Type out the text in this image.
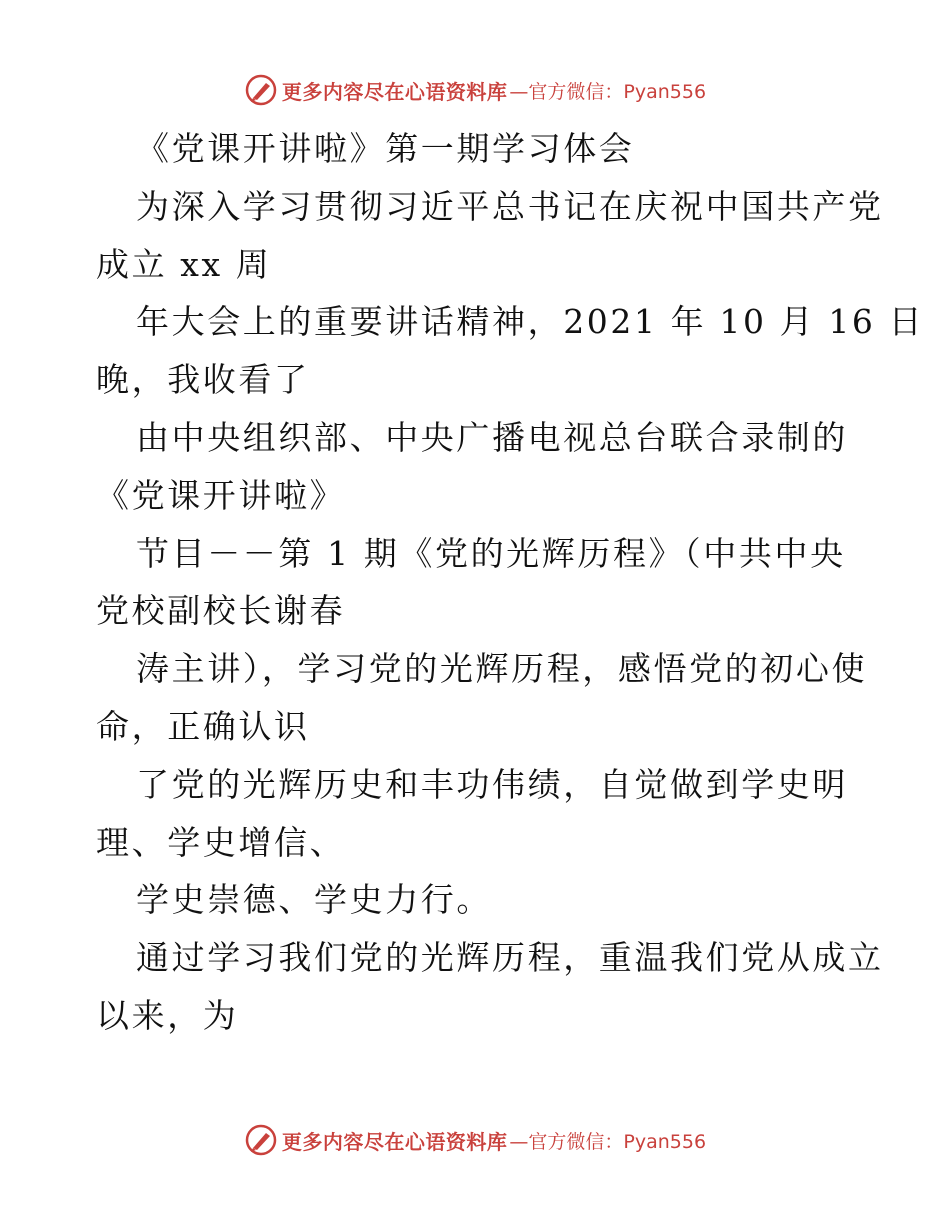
更多内容尽在心语资料库 —官方微信：Pyan556
《党课开讲啦》第一期学习体会
为深入学习贯彻习近平总书记在庆祝中国共产党
成立 xx 周
年大会上的重要讲话精神，2021 年 10 月 16 日
晚，我收看了
由中央组织部、中央广播电视总台联合录制的
《党课开讲啦》
节目－－第 1 期《党的光辉历程》（中共中央
党校副校长谢春
涛主讲），学习党的光辉历程，感悟党的初心使
命，正确认识
了党的光辉历史和丰功伟绩，自觉做到学史明
理、学史增信、
学史崇德、学史力行。
通过学习我们党的光辉历程，重温我们党从成立
以来，为
更多内容尽在心语资料库 —官方微信：Pyan556
